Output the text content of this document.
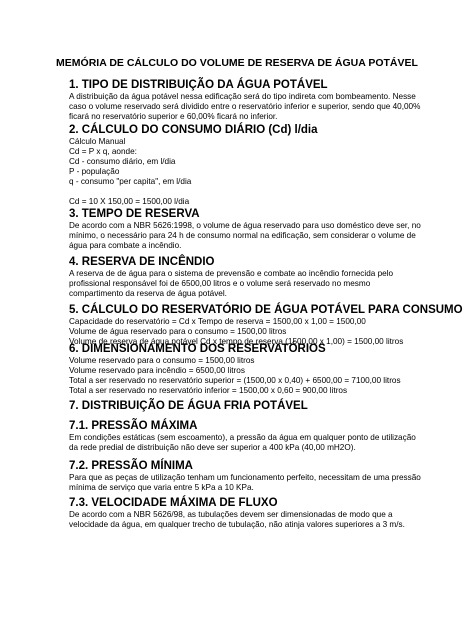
MEMÓRIA DE CÁLCULO DO VOLUME DE RESERVA DE ÁGUA POTÁVEL
1. TIPO DE DISTRIBUIÇÃO DA ÁGUA POTÁVEL
A distribuição da água potável nessa edificação será do tipo indireta com bombeamento. Nesse
caso o volume reservado será dividido entre o reservatório inferior e superior, sendo que 40,00%
ficará no reservatório superior e 60,00% ficará no inferior.
2. CÁLCULO DO CONSUMO DIÁRIO (Cd) l/dia
Cálculo Manual
Cd = P x q, aonde:
Cd - consumo diário, em l/dia
P - população
q - consumo "per capita", em l/dia
Cd = 10 X 150,00 = 1500,00 l/dia
3. TEMPO DE RESERVA
De acordo com a NBR 5626:1998, o volume de água reservado para uso doméstico deve ser, no
mínimo, o necessário para 24 h de consumo normal na edificação, sem considerar o volume de
água para combate a incêndio.
4. RESERVA DE INCÊNDIO
A reserva de de água para o sistema de prevensão e combate ao incêndio fornecida pelo
profissional responsável foi de 6500,00 litros e o volume será reservado no mesmo
compartimento da reserva de água potável.
5. CÁLCULO DO RESERVATÓRIO DE ÁGUA POTÁVEL PARA CONSUMO
Capacidade do reservatório = Cd x Tempo de reserva = 1500,00 x 1,00 = 1500,00
Volume de água reservado para o consumo = 1500,00 litros
Volume de reserva de água potável Cd x tempo de reserva (1500,00 x 1,00) = 1500,00 litros
6. DIMENSIONAMENTO DOS RESERVATÓRIOS
Volume reservado para o consumo = 1500,00 litros
Volume reservado para incêndio = 6500,00 litros
Total a ser reservado no reservatório superior = (1500,00 x 0,40) + 6500,00 = 7100,00 litros
Total a ser reservado no reservatório inferior = 1500,00 x 0,60 = 900,00 litros
7. DISTRIBUIÇÃO DE ÁGUA FRIA POTÁVEL
7.1. PRESSÃO MÁXIMA
Em condições estáticas (sem escoamento), a pressão da água em qualquer ponto de utilização
da rede predial de distribuição não deve ser superior a 400 kPa (40,00 mH2O).
7.2. PRESSÃO MÍNIMA
Para que as peças de utilização tenham um funcionamento perfeito, necessitam de uma pressão
mínima de serviço que varia entre 5 kPa a 10 KPa.
7.3. VELOCIDADE MÁXIMA DE FLUXO
De acordo com a NBR 5626/98, as tubulações devem ser dimensionadas de modo que a
velocidade da água, em qualquer trecho de tubulação, não atinja valores superiores a 3 m/s.
